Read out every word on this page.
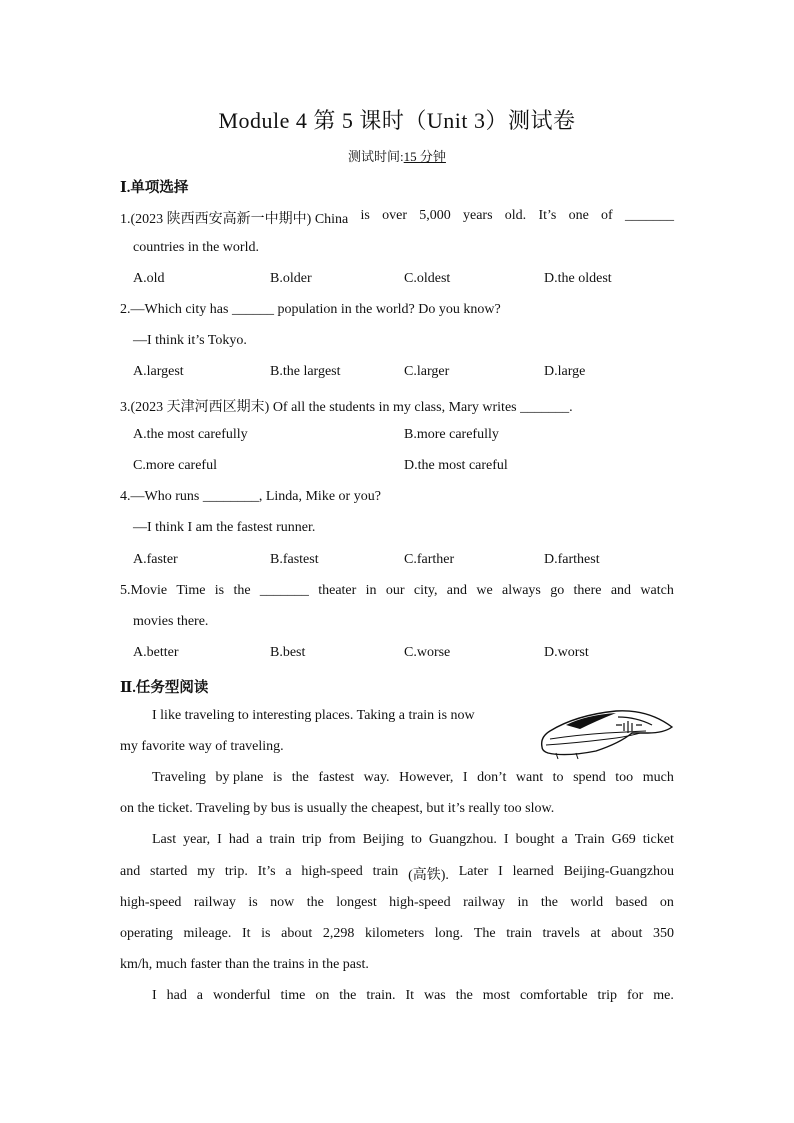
Module 4 第 5 课时（Unit 3）测试卷
测试时间:15 分钟
Ⅰ.单项选择
1.(2023 陕西西安高新一中期中) China is over 5,000 years old. It’s one of _______
countries in the world.
A.old	B.older	C.oldest	D.the oldest
2.—Which city has ______ population in the world? Do you know?
—I think it’s Tokyo.
A.largest	B.the largest	C.larger	D.large
3.(2023 天津河西区期末) Of all the students in my class, Mary writes _______.
A.the most carefully	B.more carefully
C.more careful	D.the most careful
4.—Who runs ________, Linda, Mike or you?
—I think I am the fastest runner.
A.faster	B.fastest	C.farther	D.farthest
5.Movie Time is the _______ theater in our city, and we always go there and watch
movies there.
A.better	B.best	C.worse	D.worst
Ⅱ.任务型阅读
I like traveling to interesting places. Taking a train is now
my favorite way of traveling.
Traveling by plane is the fastest way. However, I don’t want to spend too much
on the ticket. Traveling by bus is usually the cheapest, but it’s really too slow.
Last year, I had a train trip from Beijing to Guangzhou. I bought a Train G69 ticket
and started my trip. It’s a high-speed train (高铁). Later I learned Beijing-Guangzhou
high-speed railway is now the longest high-speed railway in the world based on
operating mileage. It is about 2,298 kilometers long. The train travels at about 350
km/h, much faster than the trains in the past.
I had a wonderful time on the train. It was the most comfortable trip for me.
